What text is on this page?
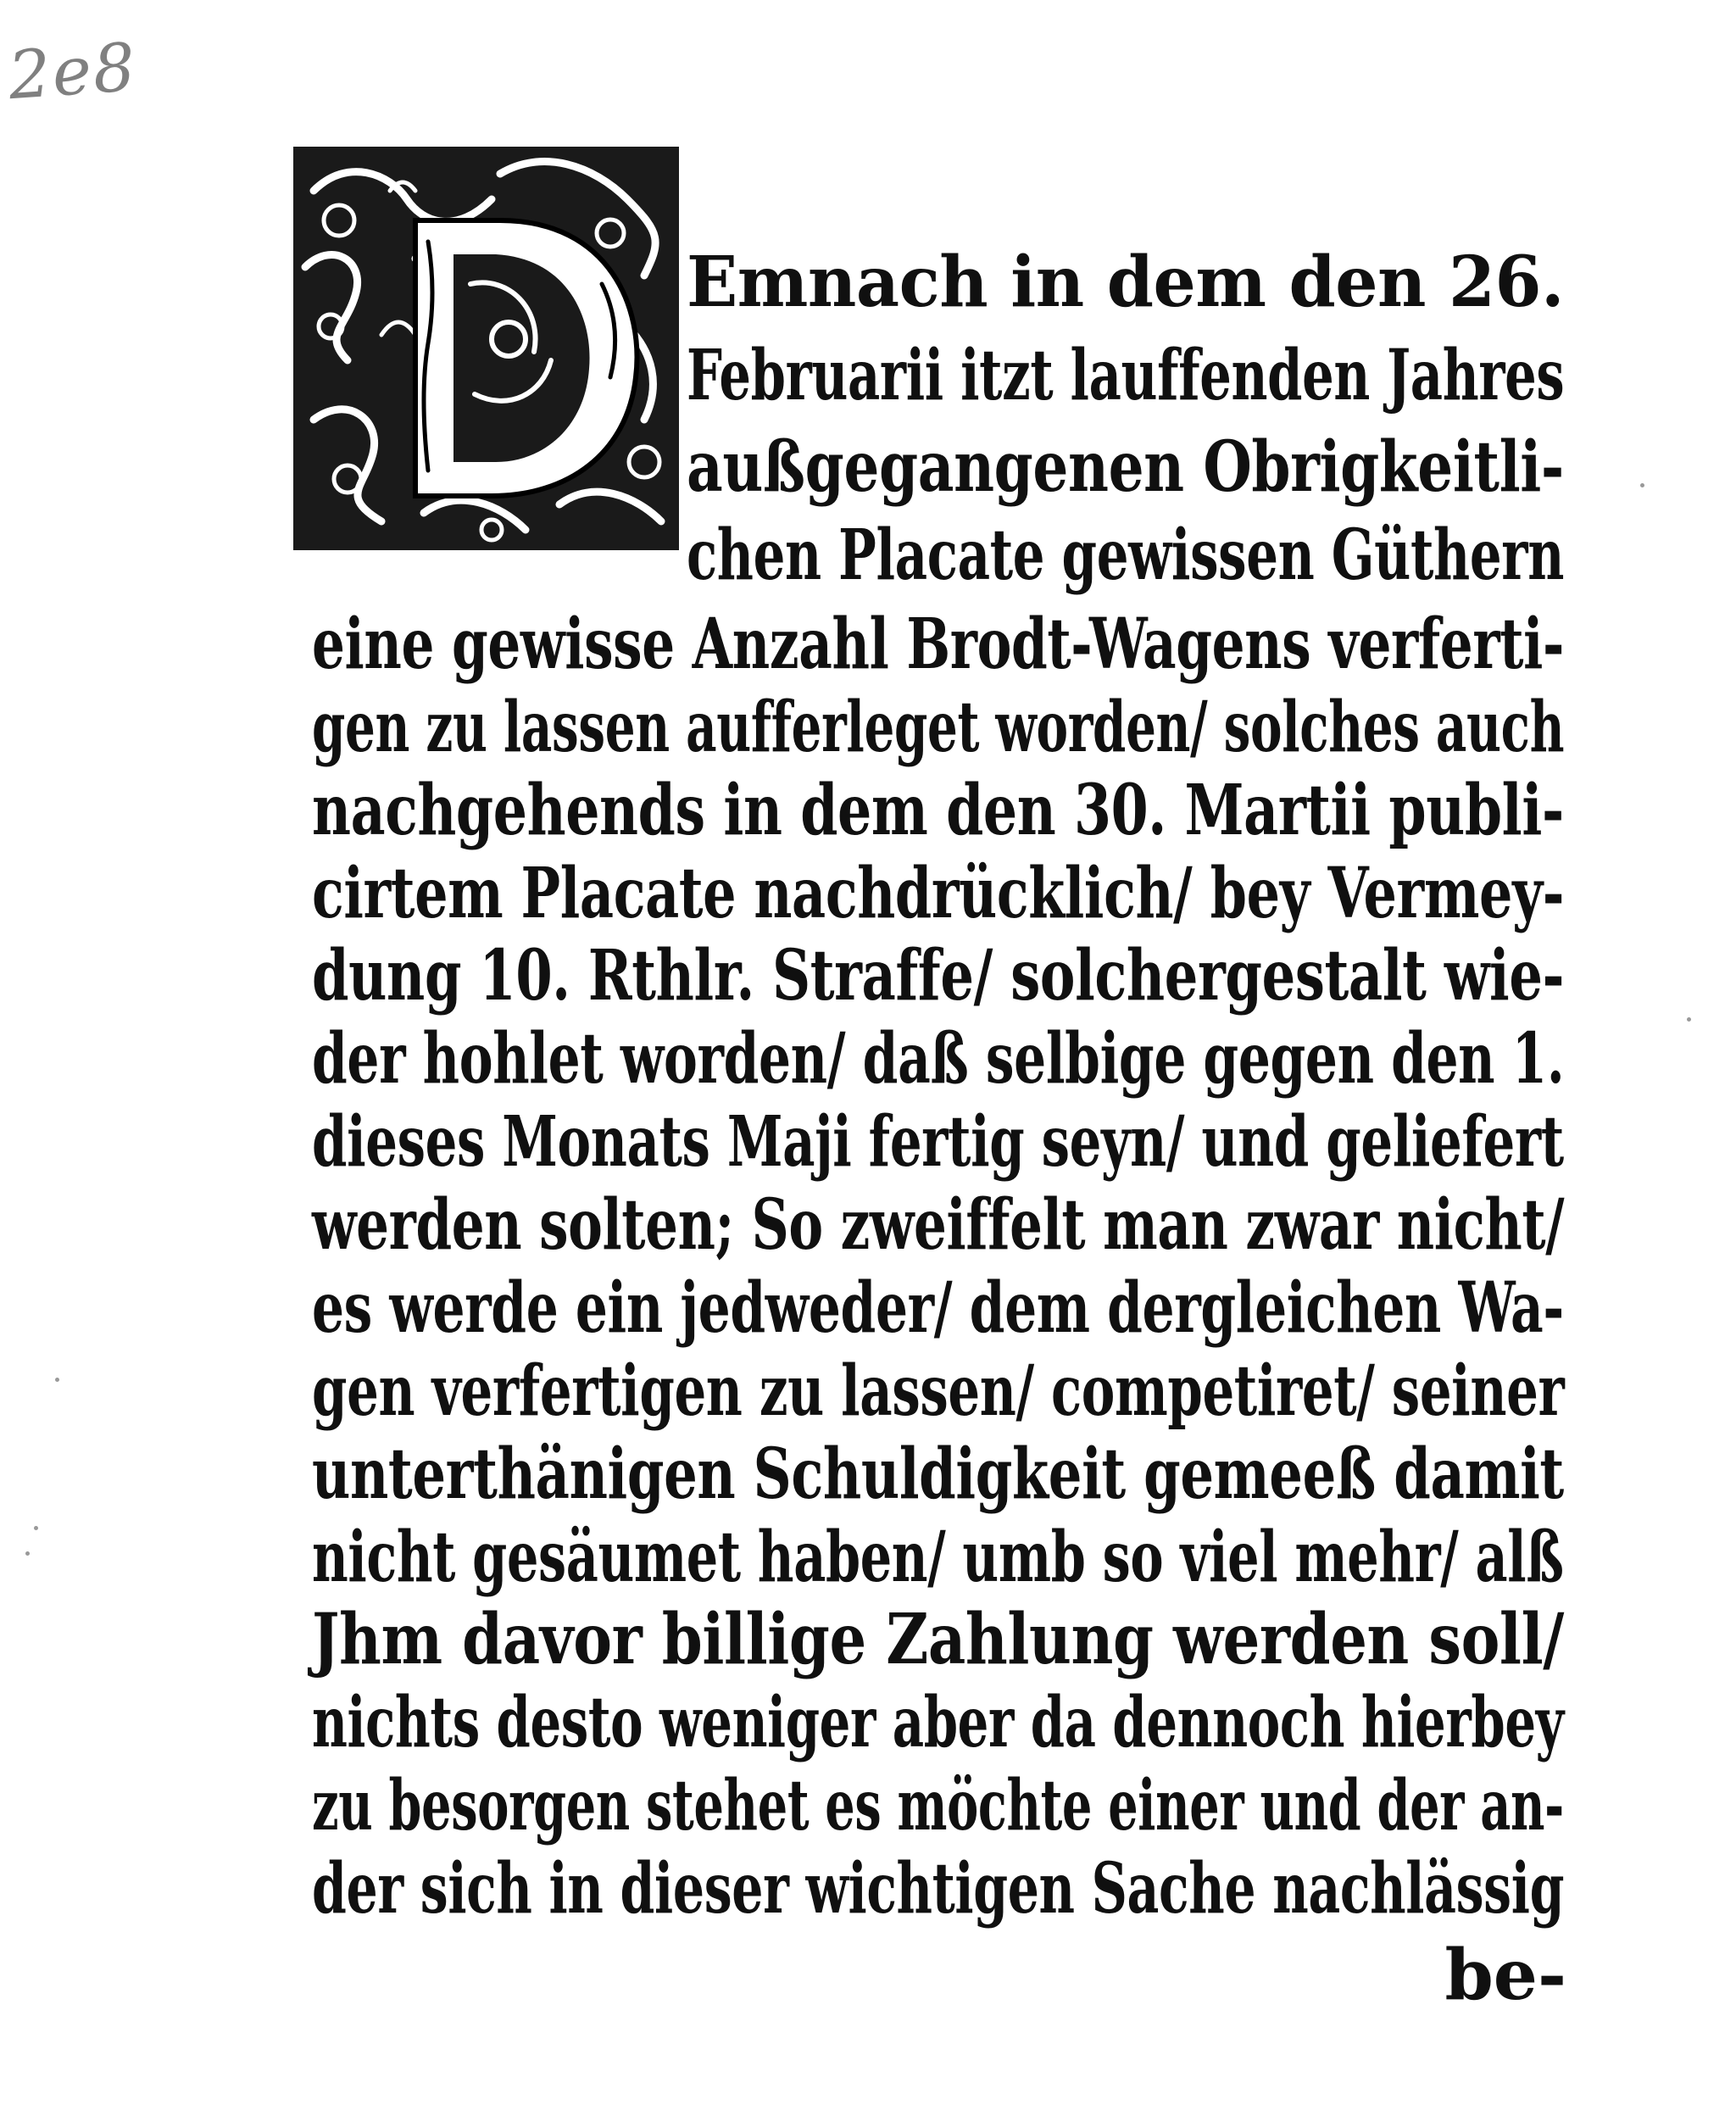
2e8
Emnach in dem den 26.
Februarii itzt lauffenden Jahres
außgegangenen Obrigkeitli-
chen Placate gewissen Güthern
eine gewisse Anzahl Brodt-Wagens verferti-
gen zu lassen aufferleget worden/ solches auch
nachgehends in dem den 30. Martii publi-
cirtem Placate nachdrücklich/ bey Vermey-
dung 10. Rthlr. Straffe/ solchergestalt wie-
der hohlet worden/ daß selbige gegen den 1.
dieses Monats Maji fertig seyn/ und geliefert
werden solten; So zweiffelt man zwar nicht/
es werde ein jedweder/ dem dergleichen Wa-
gen verfertigen zu lassen/ competiret/ seiner
unterthänigen Schuldigkeit gemeeß damit
nicht gesäumet haben/ umb so viel mehr/ alß
Jhm davor billige Zahlung werden soll/
nichts desto weniger aber da dennoch hierbey
zu besorgen stehet es möchte einer und der an-
be-
der sich in dieser wichtigen Sache nachlässig
